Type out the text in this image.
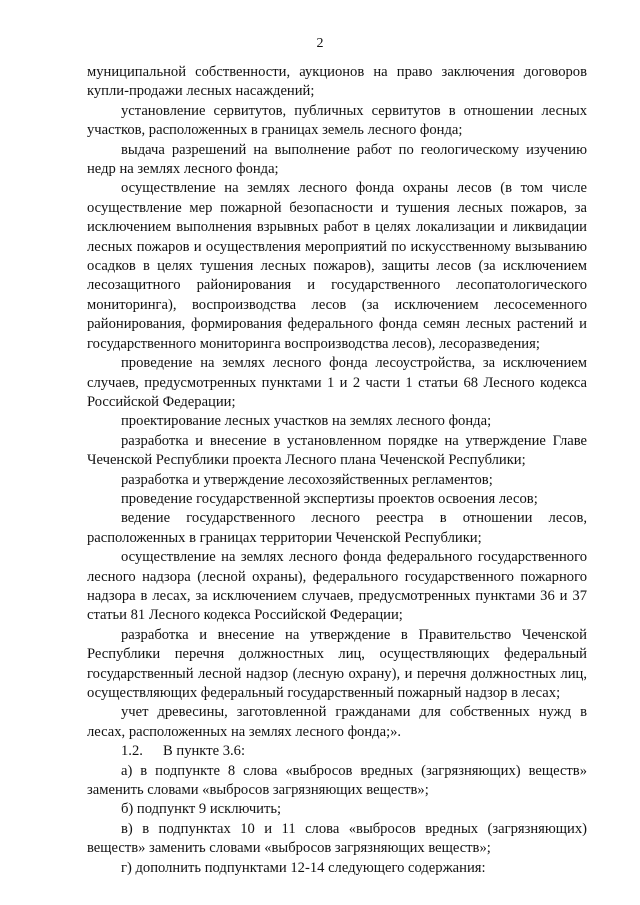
2

муниципальной собственности, аукционов на право заключения договоров купли-продажи лесных насаждений;

установление сервитутов, публичных сервитутов в отношении лесных участков, расположенных в границах земель лесного фонда;

выдача разрешений на выполнение работ по геологическому изучению недр на землях лесного фонда;

осуществление на землях лесного фонда охраны лесов (в том числе осуществление мер пожарной безопасности и тушения лесных пожаров, за исключением выполнения взрывных работ в целях локализации и ликвидации лесных пожаров и осуществления мероприятий по искусственному вызыванию осадков в целях тушения лесных пожаров), защиты лесов (за исключением лесозащитного районирования и государственного лесопатологического мониторинга), воспроизводства лесов (за исключением лесосеменного районирования, формирования федерального фонда семян лесных растений и государственного мониторинга воспроизводства лесов), лесоразведения;

проведение на землях лесного фонда лесоустройства, за исключением случаев, предусмотренных пунктами 1 и 2 части 1 статьи 68 Лесного кодекса Российской Федерации;

проектирование лесных участков на землях лесного фонда;

разработка и внесение в установленном порядке на утверждение Главе Чеченской Республики проекта Лесного плана Чеченской Республики;

разработка и утверждение лесохозяйственных регламентов;

проведение государственной экспертизы проектов освоения лесов;

ведение государственного лесного реестра в отношении лесов, расположенных в границах территории Чеченской Республики;

осуществление на землях лесного фонда федерального государственного лесного надзора (лесной охраны), федерального государственного пожарного надзора в лесах, за исключением случаев, предусмотренных пунктами 36 и 37 статьи 81 Лесного кодекса Российской Федерации;

разработка и внесение на утверждение в Правительство Чеченской Республики перечня должностных лиц, осуществляющих федеральный государственный лесной надзор (лесную охрану), и перечня должностных лиц, осуществляющих федеральный государственный пожарный надзор в лесах;

учет древесины, заготовленной гражданами для собственных нужд в лесах, расположенных на землях лесного фонда;».

1.2. В пункте 3.6:

а) в подпункте 8 слова «выбросов вредных (загрязняющих) веществ» заменить словами «выбросов загрязняющих веществ»;

б) подпункт 9 исключить;

в) в подпунктах 10 и 11 слова «выбросов вредных (загрязняющих) веществ» заменить словами «выбросов загрязняющих веществ»;

г) дополнить подпунктами 12-14 следующего содержания:
